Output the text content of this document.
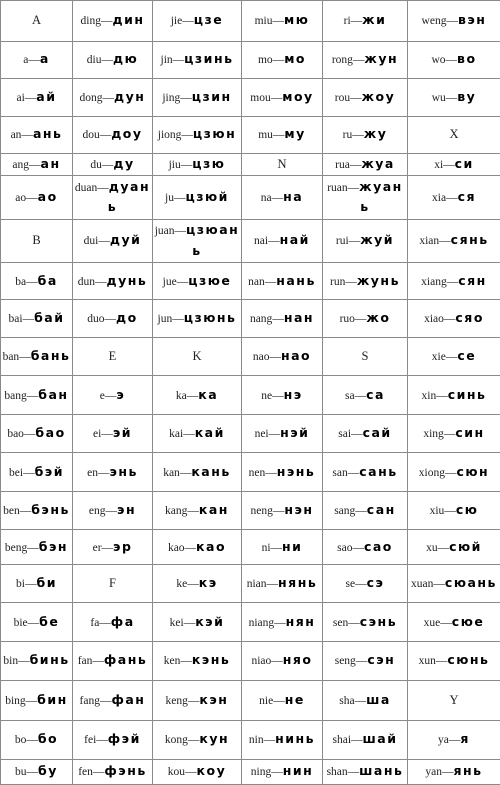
A	ding—дин	jie—цзе	miu—мю	ri—жи	weng—вэн
a—а	diu—дю	jin—цзинь	mo—мо	rong—жун	wo—во
ai—ай	dong—дун	jing—цзин	mou—моу	rou—жоу	wu—ву
an—ань	dou—доу	jiong—цзюн	mu—му	ru—жу	X
ang—ан	du—ду	jiu—цзю	N	rua—жуа	xi—си
ao—ао	duan—дуань	ju—цзюй	na—на	ruan—жуань	xia—ся
B	dui—дуй	juan—цзюань	nai—най	rui—жуй	xian—сянь
ba—ба	dun—дунь	jue—цзюе	nan—нань	run—жунь	xiang—сян
bai—бай	duo—до	jun—цзюнь	nang—нан	ruo—жо	xiao—сяо
ban—бань	E	K	nao—нао	S	xie—се
bang—бан	e—э	ka—ка	ne—нэ	sa—са	xin—синь
bao—бао	ei—эй	kai—кай	nei—нэй	sai—сай	xing—син
bei—бэй	en—энь	kan—кань	nen—нэнь	san—сань	xiong—сюн
ben—бэнь	eng—эн	kang—кан	neng—нэн	sang—сан	xiu—сю
beng—бэн	er—эр	kao—као	ni—ни	sao—сао	xu—сюй
bi—би	F	ke—кэ	nian—нянь	se—сэ	xuan—сюань
bie—бе	fa—фа	kei—кэй	niang—нян	sen—сэнь	xue—сюе
bin—бинь	fan—фань	ken—кэнь	niao—няо	seng—сэн	xun—сюнь
bing—бин	fang—фан	keng—кэн	nie—не	sha—ша	Y
bo—бо	fei—фэй	kong—кун	nin—нинь	shai—шай	ya—я
bu—бу	fen—фэнь	kou—коу	ning—нин	shan—шань	yan—янь
